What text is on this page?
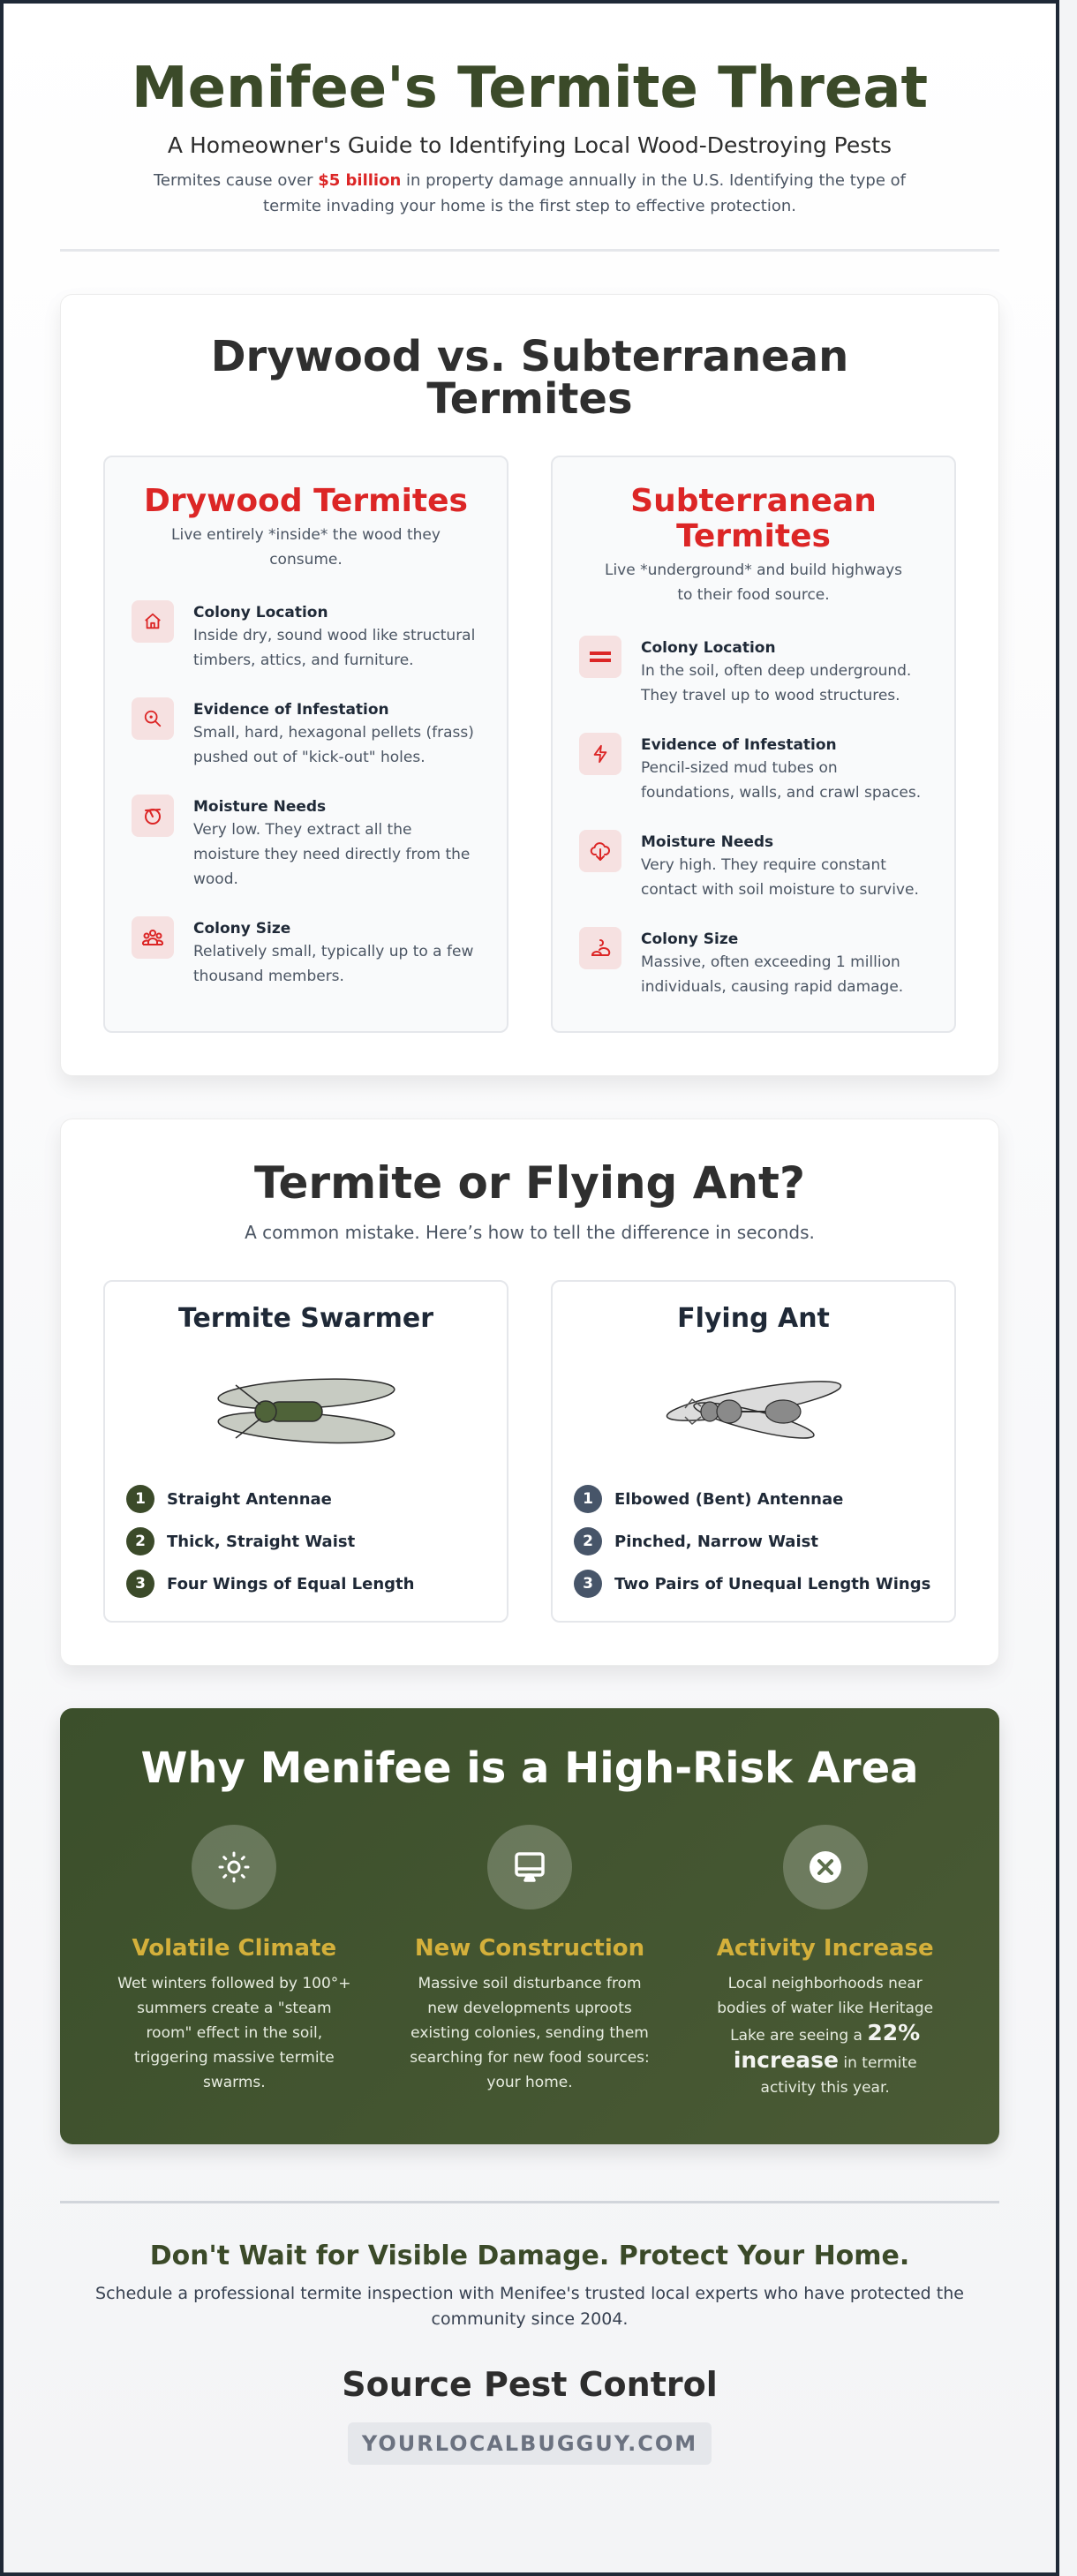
Menifee's Termite Threat
A Homeowner's Guide to Identifying Local Wood-Destroying Pests

Termites cause over $5 billion in property damage annually in the U.S. Identifying the type of termite invading your home is the first step to effective protection.

Drywood vs. Subterranean Termites
Drywood Termites

Live entirely *inside* the wood they consume.

Colony Location
Inside dry, sound wood like structural timbers, attics, and furniture.
Evidence of Infestation
Small, hard, hexagonal pellets (frass) pushed out of "kick-out" holes.
Moisture Needs
Very low. They extract all the moisture they need directly from the wood.
Colony Size
Relatively small, typically up to a few thousand members.
Subterranean Termites

Live *underground* and build highways to their food source.

Colony Location
In the soil, often deep underground. They travel up to wood structures.
Evidence of Infestation
Pencil-sized mud tubes on foundations, walls, and crawl spaces.
Moisture Needs
Very high. They require constant contact with soil moisture to survive.
Colony Size
Massive, often exceeding 1 million individuals, causing rapid damage.
Termite or Flying Ant?

A common mistake. Here’s how to tell the difference in seconds.

Termite Swarmer
1	Straight Antennae
2	Thick, Straight Waist
3	Four Wings of Equal Length
Flying Ant
1	Elbowed (Bent) Antennae
2	Pinched, Narrow Waist
3	Two Pairs of Unequal Length Wings
Why Menifee is a High-Risk Area
Volatile Climate

Wet winters followed by 100°+ summers create a "steam room" effect in the soil, triggering massive termite swarms.

New Construction

Massive soil disturbance from new developments uproots existing colonies, sending them searching for new food sources: your home.

Activity Increase

Local neighborhoods near bodies of water like Heritage Lake are seeing a 22% increase in termite activity this year.

Don't Wait for Visible Damage. Protect Your Home.

Schedule a professional termite inspection with Menifee's trusted local experts who have protected the community since 2004.

Source Pest Control
YOURLOCALBUGGUY.COM
